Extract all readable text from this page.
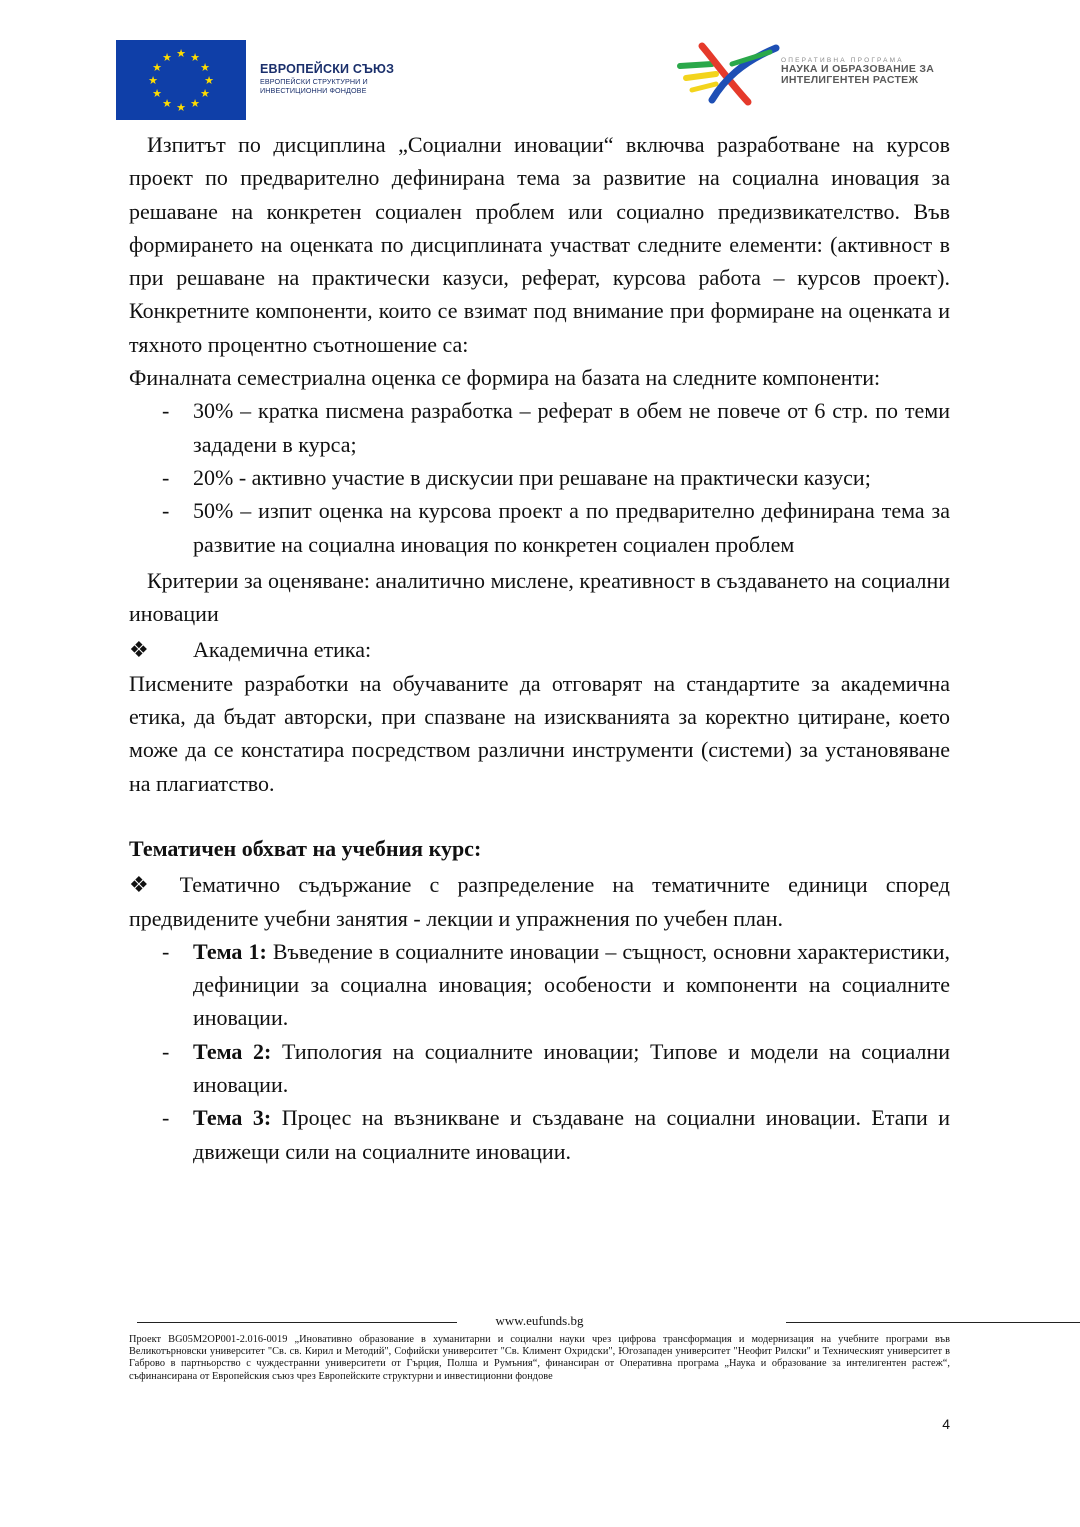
★ ★
★
★
★
★
★
★
★
★
★
★
ЕВРОПЕЙСКИ СЪЮЗ
ЕВРОПЕЙСКИ СТРУКТУРНИ И
ИНВЕСТИЦИОННИ ФОНДОВЕ
ОПЕРАТИВНА ПРОГРАМА
НАУКА И ОБРАЗОВАНИЕ ЗА
ИНТЕЛИГЕНТЕН РАСТЕЖ

Изпитът по дисциплина „Социални иновации“ включва разработване на курсов проект по предварително дефинирана тема за развитие на социална иновация за решаване на конкретен социален проблем или социално предизвикателство. Във формирането на оценката по дисциплината участват следните елементи: (активност в при решаване на практически казуси, реферат, курсова работа – курсов проект). Конкретните компоненти, които се взимат под внимание при формиране на оценката и тяхното процентно съотношение са:

Финалната семестриална оценка се формира на базата на следните компоненти:

- 30% – кратка писмена разработка – реферат в обем не повече от 6 стр. по теми зададени в курса;
- 20% - активно участие в дискусии при решаване на практически казуси;
- 50% – изпит оценка на курсова проект а по предварително дефинирана тема за развитие на социална иновация по конкретен социален проблем

Критерии за оценяване: аналитично мислене, креативност в създаването на социални иновации

❖	Академична етика:

Писмените разработки на обучаваните да отговарят на стандартите за академична етика, да бъдат авторски, при спазване на изискванията за коректно цитиране, което може да се констатира посредством различни инструменти (системи) за установяване на плагиатство.

Тематичен обхват на учебния курс:

❖ Тематично съдържание с разпределение на тематичните единици според предвидените учебни занятия - лекции и упражнения по учебен план.

- Тема 1: Въведение в социалните иновации – същност, основни характеристики, дефиниции за социална иновация; особености и компоненти на социалните иновации.
- Тема 2: Типология на социалните иновации; Типове и модели на социални иновации.
- Тема 3: Процес на възникване и създаване на социални иновации. Етапи и движещи сили на социалните иновации.
www.eufunds.bg
Проект BG05M2OP001-2.016-0019 „Иновативно образование в хуманитарни и социални науки чрез цифрова трансформация и модернизация на учебните програми във Великотърновски университет "Св. св. Кирил и Методий", Софийски университет "Св. Климент Охридски", Югозападен университет "Неофит Рилски" и Техническият университет в Габрово в партньорство с чуждестранни университети от Гърция, Полша и Румъния“, финансиран от Оперативна програма „Наука и образование за интелигентен растеж“, съфинансирана от Европейския съюз чрез Европейските структурни и инвестиционни фондове
4
